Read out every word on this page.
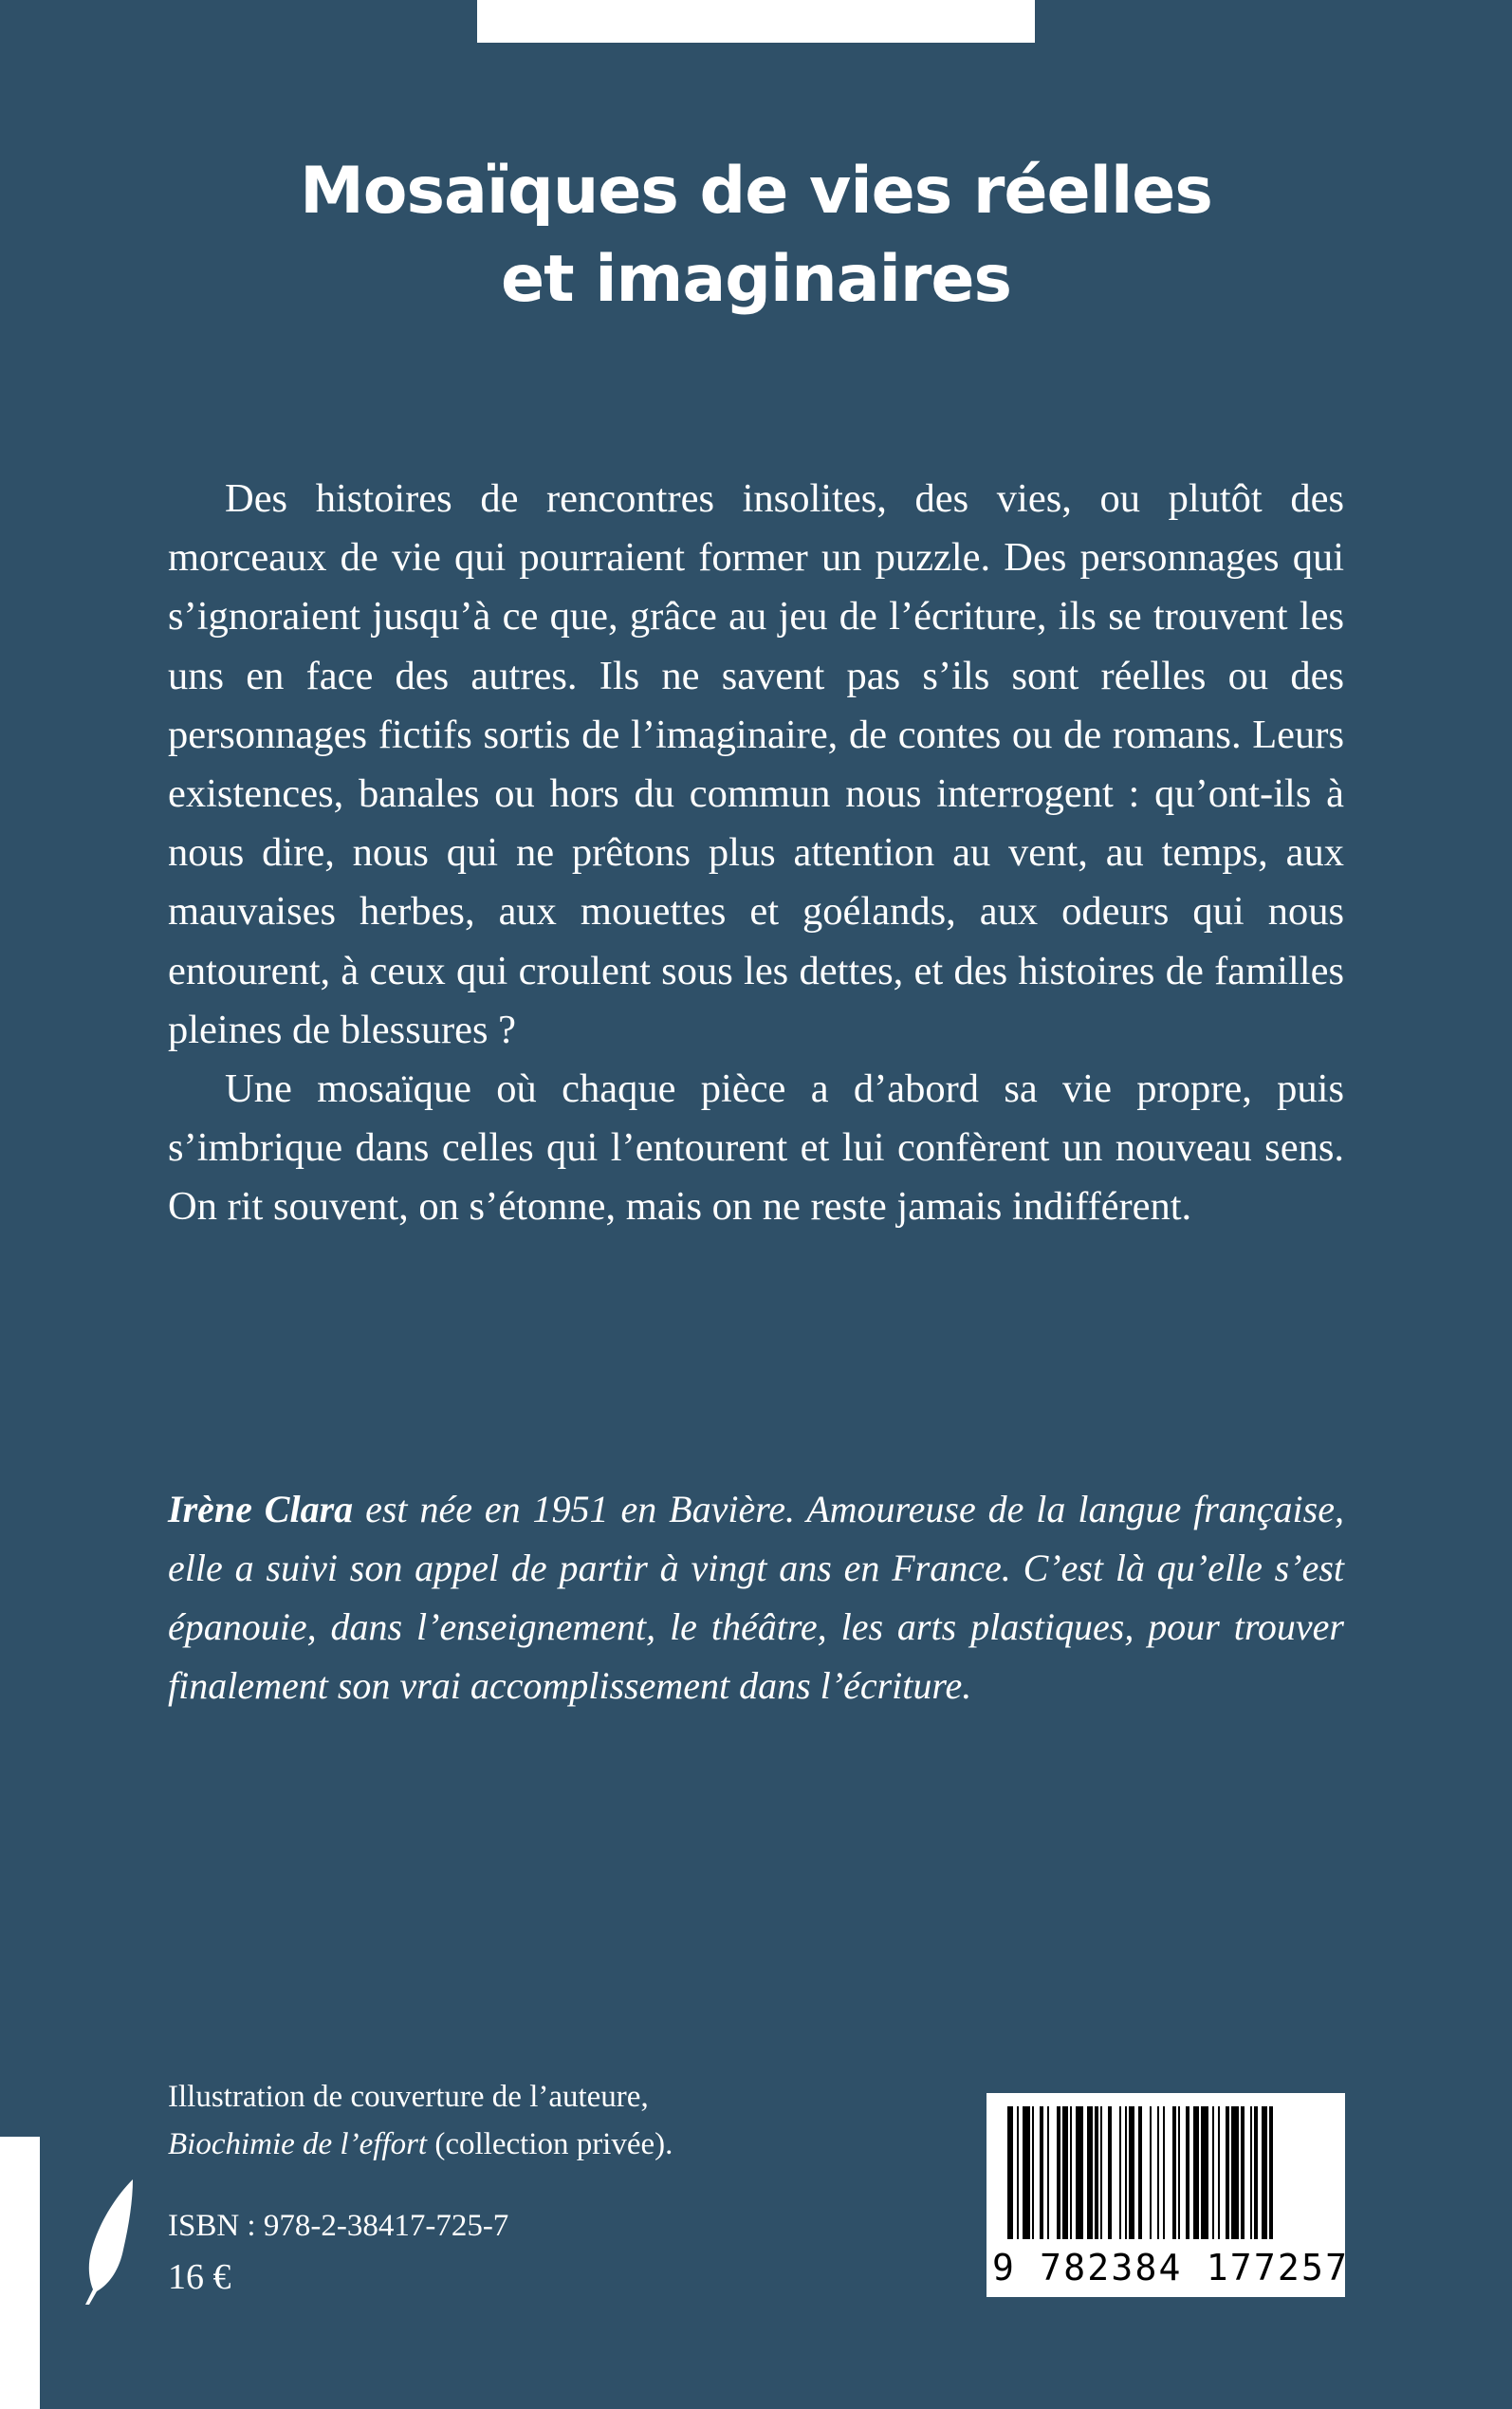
Mosaïques de vies réelles
et imaginaires

Des histoires de rencontres insolites, des vies, ou plutôt des morceaux de vie qui pourraient former un puzzle. Des personnages qui s’ignoraient jusqu’à ce que, grâce au jeu de l’écriture, ils se trouvent les uns en face des autres. Ils ne savent pas s’ils sont réelles ou des personnages fictifs sortis de l’imaginaire, de contes ou de romans. Leurs existences, banales ou hors du commun nous interrogent : qu’ont-ils à nous dire, nous qui ne prêtons plus attention au vent, au temps, aux mauvaises herbes, aux mouettes et goélands, aux odeurs qui nous entourent, à ceux qui croulent sous les dettes, et des histoires de familles pleines de blessures ?

Une mosaïque où chaque pièce a d’abord sa vie propre, puis s’imbrique dans celles qui l’entourent et lui confèrent un nouveau sens. On rit souvent, on s’étonne, mais on ne reste jamais indifférent.

Irène Clara est née en 1951 en Bavière. Amoureuse de la langue française, elle a suivi son appel de partir à vingt ans en France. C’est là qu’elle s’est épanouie, dans l’enseignement, le théâtre, les arts plastiques, pour trouver finalement son vrai accomplissement dans l’écriture.

Illustration de couverture de l’auteure,
Biochimie de l’effort (collection privée).
ISBN : 978-2-38417-725-7
16 €	9 782384 177257
